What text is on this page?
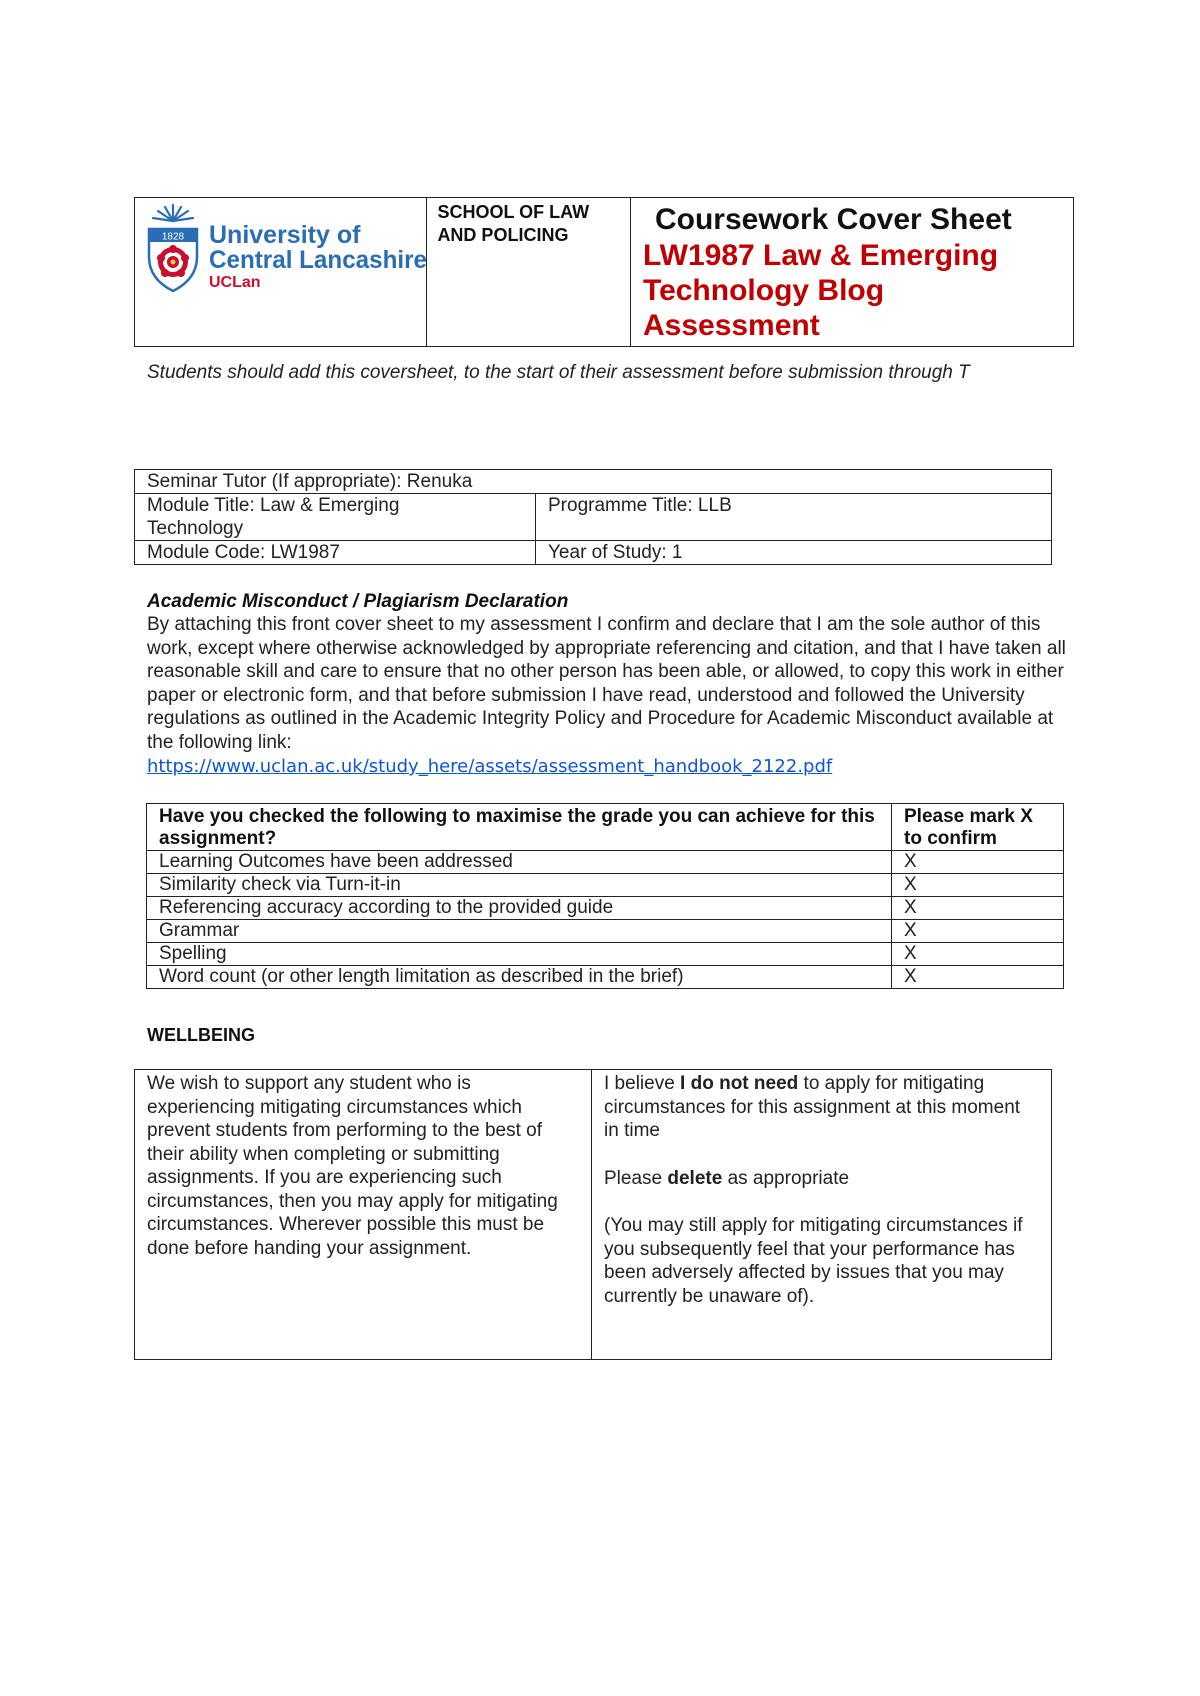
1828 University of
Central Lancashire
UCLan
	SCHOOL OF LAW AND POLICING	Coursework Cover Sheet
LW1987 Law & Emerging Technology Blog Assessment
Students should add this coversheet, to the start of their assessment before submission through T
Seminar Tutor (If appropriate): Renuka	

Module Title: Law & Emerging Technology	Programme Title: LLB
Module Code: LW1987	Year of Study: 1
Academic Misconduct / Plagiarism Declaration
By attaching this front cover sheet to my assessment I confirm and declare that I am the sole author of this work, except where otherwise acknowledged by appropriate referencing and citation, and that I have taken all reasonable skill and care to ensure that no other person has been able, or allowed, to copy this work in either paper or electronic form, and that before submission I have read, understood and followed the University regulations as outlined in the Academic Integrity Policy and Procedure for Academic Misconduct available at the following link:
https://www.uclan.ac.uk/study_here/assets/assessment_handbook_2122.pdf
Have you checked the following to maximise the grade you can achieve for this assignment?	Please mark X to confirm

Learning Outcomes have been addressed	X
Similarity check via Turn-it-in	X
Referencing accuracy according to the provided guide	X
Grammar	X
Spelling	X
Word count (or other length limitation as described in the brief)	X
WELLBEING
We wish to support any student who is experiencing mitigating circumstances which prevent students from performing to the best of their ability when completing or submitting assignments. If you are experiencing such circumstances, then you may apply for mitigating circumstances. Wherever possible this must be done before handing your assignment.

I believe I do not need to apply for mitigating circumstances for this assignment at this moment in time

Please delete as appropriate

(You may still apply for mitigating circumstances if you subsequently feel that your performance has been adversely affected by issues that you may currently be unaware of).
